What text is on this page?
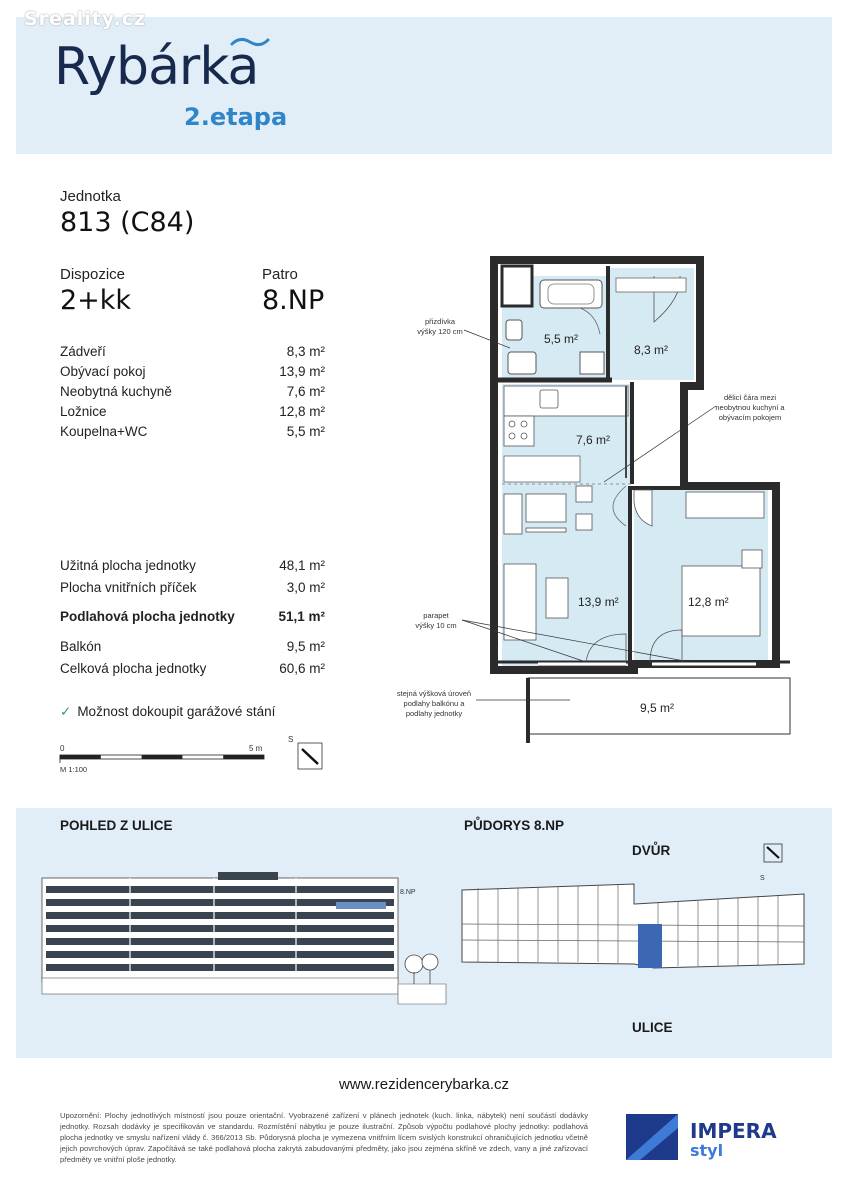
Sreality.cz
Rybárka
2.etapa
Jednotka
813 (C84)
Dispozice
2+kk
Patro
8.NP
Zádveří	8,3 m²
Obývací pokoj	13,9 m²
Neobytná kuchyně	7,6 m²
Ložnice	12,8 m²
Koupelna+WC	5,5 m²
Užitná plocha jednotky	48,1 m²
Plocha vnitřních příček	3,0 m²
Podlahová plocha jednotky	51,1 m²
Balkón	9,5 m²
Celková plocha jednotky	60,6 m²
✓ Možnost dokoupit garážové stání
0	5 m
M 1:100
S
5,5 m²
8,3 m²
7,6 m²
13,9 m²	12,8 m²
9,5 m²
přizdívka
výšky 120 cm
dělicí čára mezi
neobytnou kuchyní a
obývacím pokojem
parapet
výšky 10 cm
stejná výšková úroveň
podlahy balkónu a
podlahy jednotky
POHLED Z ULICE	PŮDORYS 8.NP
DVŮR
ULICE
8.NP
S
www.rezidencerybarka.cz
Upozornění: Plochy jednotlivých místností jsou pouze orientační. Vyobrazené zařízení v plánech jednotek (kuch. linka, nábytek) není součástí dodávky jednotky. Rozsah dodávky je specifikován ve standardu. Rozmístění nábytku je pouze ilustrační. Způsob výpočtu podlahové plochy jednotky: podlahová plocha jednotky ve smyslu nařízení vlády č. 366/2013 Sb. Půdorysná plocha je vymezena vnitřním lícem svislých konstrukcí ohraničujících jednotku včetně jejich povrchových úprav. Započítává se také podlahová plocha zakrytá zabudovanými předměty, jako jsou zejména skříně ve zdech, vany a jiné zařizovací předměty ve vnitřní ploše jednotky.
IMPERA
styl
